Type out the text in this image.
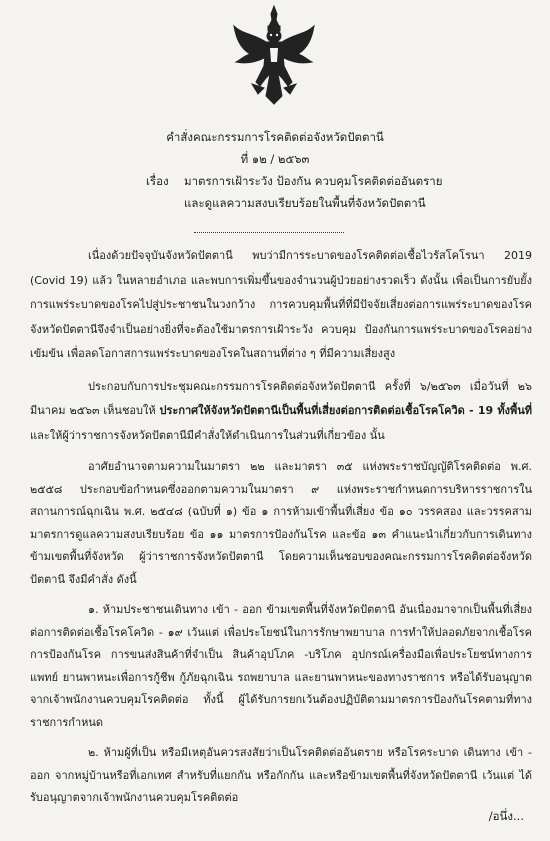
คำสั่งคณะกรรมการโรคติดต่อจังหวัดปัตตานี
ที่ ๑๒ / ๒๕๖๓
เรื่อง มาตรการเฝ้าระวัง ป้องกัน ควบคุมโรคติดต่ออันตราย
และดูแลความสงบเรียบร้อยในพื้นที่จังหวัดปัตตานี

เนื่องด้วยปัจจุบันจังหวัดปัตตานี พบว่ามีการระบาดของโรคติดต่อเชื้อไวรัสโคโรนา 2019 (Covid 19) แล้ว ในหลายอำเภอ และพบการเพิ่มขึ้นของจำนวนผู้ป่วยอย่างรวดเร็ว ดังนั้น เพื่อเป็นการยับยั้งการแพร่ระบาดของโรคไปสู่ประชาชนในวงกว้าง การควบคุมพื้นที่ที่มีปัจจัยเสี่ยงต่อการแพร่ระบาดของโรคจังหวัดปัตตานีจึงจำเป็นอย่างยิ่งที่จะต้องใช้มาตรการเฝ้าระวัง ควบคุม ป้องกันการแพร่ระบาดของโรคอย่างเข้มข้น เพื่อลดโอกาสการแพร่ระบาดของโรคในสถานที่ต่าง ๆ ที่มีความเสี่ยงสูง

ประกอบกับการประชุมคณะกรรมการโรคติดต่อจังหวัดปัตตานี ครั้งที่ ๖/๒๕๖๓ เมื่อวันที่ ๒๖ มีนาคม ๒๕๖๓ เห็นชอบให้ ประกาศให้จังหวัดปัตตานีเป็นพื้นที่เสี่ยงต่อการติดต่อเชื้อโรคโควิด - 19 ทั้งพื้นที่ และให้ผู้ว่าราชการจังหวัดปัตตานีมีคำสั่งให้ดำเนินการในส่วนที่เกี่ยวข้อง นั้น

อาศัยอำนาจตามความในมาตรา ๒๒ และมาตรา ๓๕ แห่งพระราชบัญญัติโรคติดต่อ พ.ศ. ๒๕๕๘ ประกอบข้อกำหนดซึ่งออกตามความในมาตรา ๙ แห่งพระราชกำหนดการบริหารราชการในสถานการณ์ฉุกเฉิน พ.ศ. ๒๕๔๘ (ฉบับที่ ๑) ข้อ ๑ การห้ามเข้าพื้นที่เสี่ยง ข้อ ๑๐ วรรคสอง และวรรคสาม มาตรการดูแลความสงบเรียบร้อย ข้อ ๑๑ มาตรการป้องกันโรค และข้อ ๑๓ คำแนะนำเกี่ยวกับการเดินทางข้ามเขตพื้นที่จังหวัด ผู้ว่าราชการจังหวัดปัตตานี โดยความเห็นชอบของคณะกรรมการโรคติดต่อจังหวัดปัตตานี จึงมีคำสั่ง ดังนี้

๑. ห้ามประชาชนเดินทาง เข้า - ออก ข้ามเขตพื้นที่จังหวัดปัตตานี อันเนื่องมาจากเป็นพื้นที่เสี่ยงต่อการติดต่อเชื้อโรคโควิด - ๑๙ เว้นแต่ เพื่อประโยชน์ในการรักษาพยาบาล การทำให้ปลอดภัยจากเชื้อโรค การป้องกันโรค การขนส่งสินค้าที่จำเป็น สินค้าอุปโภค -บริโภค อุปกรณ์เครื่องมือเพื่อประโยชน์ทางการแพทย์ ยานพาหนะเพื่อการกู้ชีพ กู้ภัยฉุกเฉิน รถพยาบาล และยานพาหนะของทางราชการ หรือได้รับอนุญาตจากเจ้าพนักงานควบคุมโรคติดต่อ ทั้งนี้ ผู้ได้รับการยกเว้นต้องปฏิบัติตามมาตรการป้องกันโรคตามที่ทางราชการกำหนด

๒. ห้ามผู้ที่เป็น หรือมีเหตุอันควรสงสัยว่าเป็นโรคติดต่ออันตราย หรือโรคระบาด เดินทาง เข้า - ออก จากหมู่บ้านหรือที่เอกเทศ สำหรับที่แยกกัน หรือกักกัน และหรือข้ามเขตพื้นที่จังหวัดปัตตานี เว้นแต่ ได้รับอนุญาตจากเจ้าพนักงานควบคุมโรคติดต่อ

/อนึ่ง...
